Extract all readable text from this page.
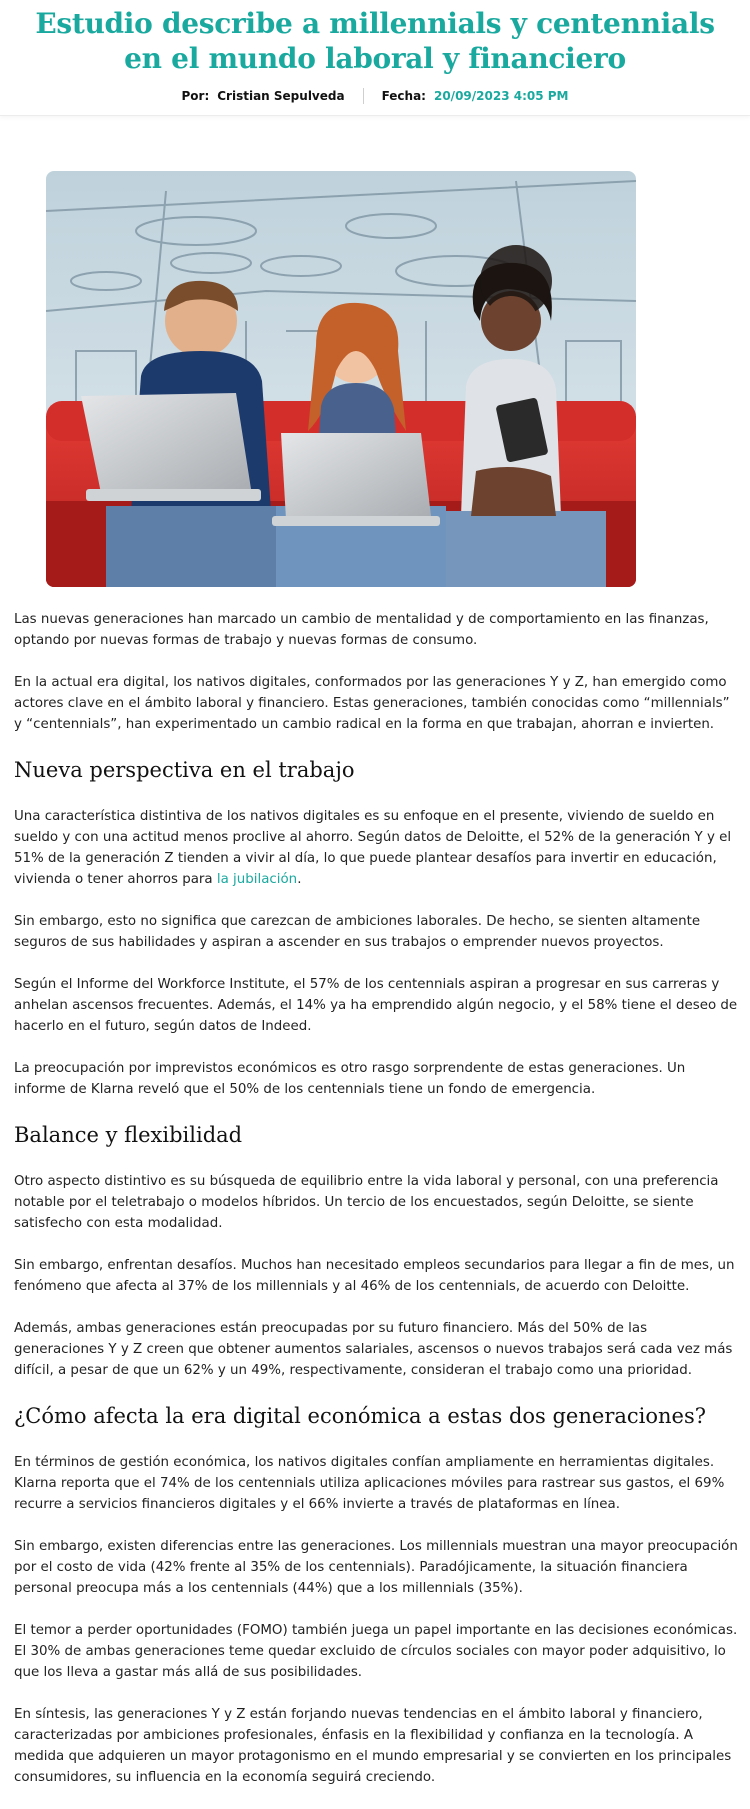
Estudio describe a millennials y centennials en el mundo laboral y financiero
Por: Cristian Sepulveda	Fecha: 20/09/2023 4:05 PM

Las nuevas generaciones han marcado un cambio de mentalidad y de comportamiento en las finanzas, optando por nuevas formas de trabajo y nuevas formas de consumo.

En la actual era digital, los nativos digitales, conformados por las generaciones Y y Z, han emergido como actores clave en el ámbito laboral y financiero. Estas generaciones, también conocidas como “millennials” y “centennials”, han experimentado un cambio radical en la forma en que trabajan, ahorran e invierten.

Nueva perspectiva en el trabajo

Una característica distintiva de los nativos digitales es su enfoque en el presente, viviendo de sueldo en sueldo y con una actitud menos proclive al ahorro. Según datos de Deloitte, el 52% de la generación Y y el 51% de la generación Z tienden a vivir al día, lo que puede plantear desafíos para invertir en educación, vivienda o tener ahorros para la jubilación.

Sin embargo, esto no significa que carezcan de ambiciones laborales. De hecho, se sienten altamente seguros de sus habilidades y aspiran a ascender en sus trabajos o emprender nuevos proyectos.

Según el Informe del Workforce Institute, el 57% de los centennials aspiran a progresar en sus carreras y anhelan ascensos frecuentes. Además, el 14% ya ha emprendido algún negocio, y el 58% tiene el deseo de hacerlo en el futuro, según datos de Indeed.

La preocupación por imprevistos económicos es otro rasgo sorprendente de estas generaciones. Un informe de Klarna reveló que el 50% de los centennials tiene un fondo de emergencia.

Balance y flexibilidad

Otro aspecto distintivo es su búsqueda de equilibrio entre la vida laboral y personal, con una preferencia notable por el teletrabajo o modelos híbridos. Un tercio de los encuestados, según Deloitte, se siente satisfecho con esta modalidad.

Sin embargo, enfrentan desafíos. Muchos han necesitado empleos secundarios para llegar a fin de mes, un fenómeno que afecta al 37% de los millennials y al 46% de los centennials, de acuerdo con Deloitte.

Además, ambas generaciones están preocupadas por su futuro financiero. Más del 50% de las generaciones Y y Z creen que obtener aumentos salariales, ascensos o nuevos trabajos será cada vez más difícil, a pesar de que un 62% y un 49%, respectivamente, consideran el trabajo como una prioridad.

¿Cómo afecta la era digital económica a estas dos generaciones?

En términos de gestión económica, los nativos digitales confían ampliamente en herramientas digitales. Klarna reporta que el 74% de los centennials utiliza aplicaciones móviles para rastrear sus gastos, el 69% recurre a servicios financieros digitales y el 66% invierte a través de plataformas en línea.

Sin embargo, existen diferencias entre las generaciones. Los millennials muestran una mayor preocupación por el costo de vida (42% frente al 35% de los centennials). Paradójicamente, la situación financiera personal preocupa más a los centennials (44%) que a los millennials (35%).

El temor a perder oportunidades (FOMO) también juega un papel importante en las decisiones económicas. El 30% de ambas generaciones teme quedar excluido de círculos sociales con mayor poder adquisitivo, lo que los lleva a gastar más allá de sus posibilidades.

En síntesis, las generaciones Y y Z están forjando nuevas tendencias en el ámbito laboral y financiero, caracterizadas por ambiciones profesionales, énfasis en la flexibilidad y confianza en la tecnología. A medida que adquieren un mayor protagonismo en el mundo empresarial y se convierten en los principales consumidores, su influencia en la economía seguirá creciendo.
